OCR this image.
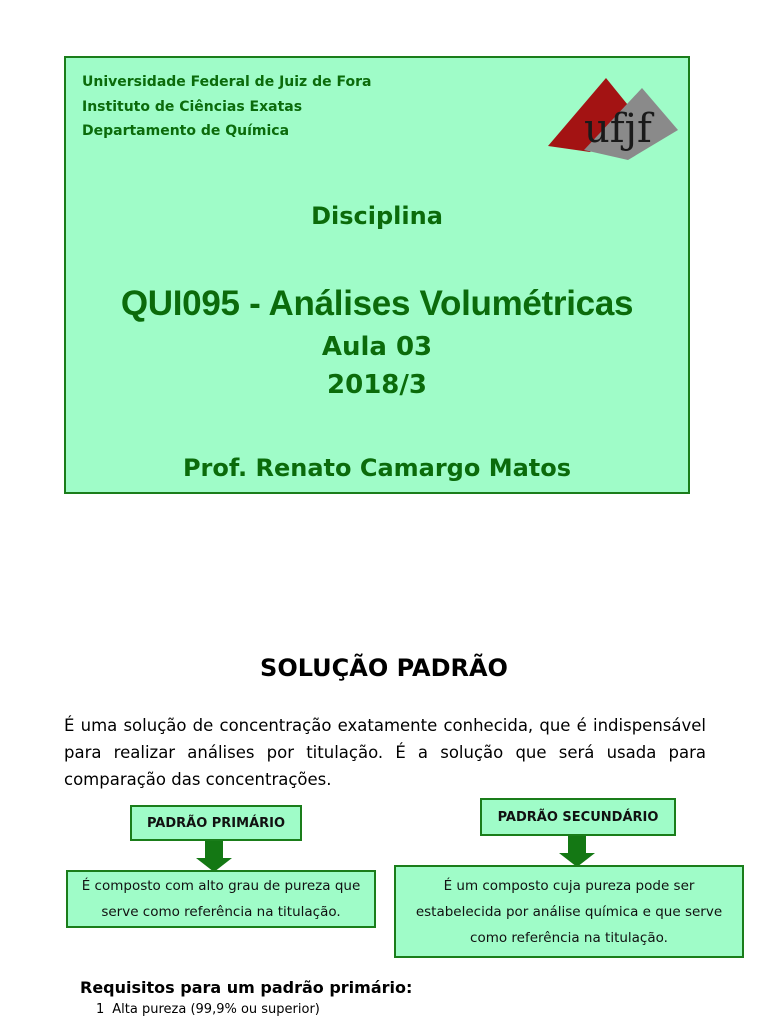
Universidade Federal de Juiz de Fora

Instituto de Ciências Exatas

Departamento de Química	ufjf
Disciplina
QUI095 - Análises Volumétricas
Aula 03
2018/3
Prof. Renato Camargo Matos
SOLUÇÃO PADRÃO

É uma solução de concentração exatamente conhecida, que é indispensável para realizar análises por titulação. É a solução que será usada para comparação das concentrações.

PADRÃO PRIMÁRIO
É composto com alto grau de pureza que serve como referência na titulação.
PADRÃO SECUNDÁRIO
É um composto cuja pureza pode ser estabelecida por análise química e que serve como referência na titulação.
Requisitos para um padrão primário:
1 Alta pureza (99,9% ou superior)
